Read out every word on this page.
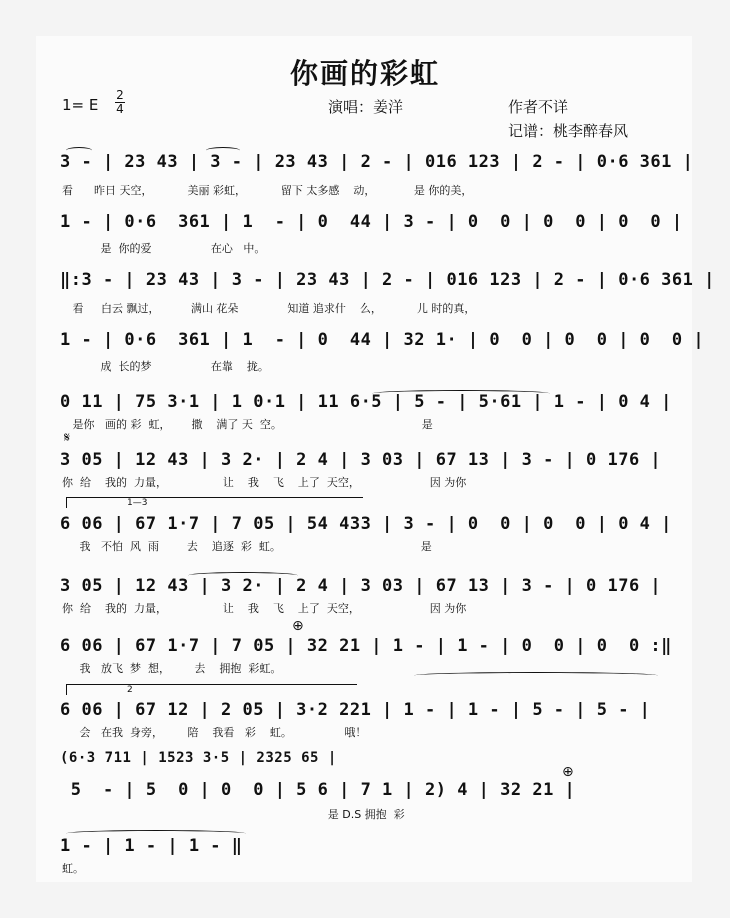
你画的彩虹
1= E
2
4	演唱：姜洋	作者不详
记谱：桃李醉春风
3 - | 23 43 | 3 - | 23 43 | 2 - | 016 123 | 2 - | 0·6 361 |
看      昨日 天空，          美丽 彩虹，          留下 太多感    动，           是 你的美，
1 - | 0·6  361 | 1  - | 0  44 | 3 - | 0  0 | 0  0 | 0  0 |
是  你的爱                 在心   中。
‖:3 - | 23 43 | 3 - | 23 43 | 2 - | 016 123 | 2 - | 0·6 361 |
看     白云 飘过，         满山 花朵              知道 追求什    么，          儿 时的真，
1 - | 0·6  361 | 1  - | 0  44 | 32 1· | 0  0 | 0  0 | 0  0 |
成  长的梦                 在靠    拢。
0 11 | 75 3·1 | 1 0·1 | 11 6·5 | 5 - | 5·61 | 1 - | 0 4 |
是你   画的 彩  虹，      撒    满了 天  空。                                        是
𝄋
3 05 | 12 43 | 3 2· | 2 4 | 3 03 | 67 13 | 3 - | 0 176 |
你  给    我的  力量，                让    我    飞    上了  天空，                    因 为你
1—3
6 06 | 67 1·7 | 7 05 | 54 433 | 3 - | 0  0 | 0  0 | 0 4 |
我   不怕  风  雨        去    追逐  彩  虹。                                        是
3 05 | 12 43 | 3 2· | 2 4 | 3 03 | 67 13 | 3 - | 0 176 |
你  给    我的  力量，                让    我    飞    上了  天空，                    因 为你
⊕
6 06 | 67 1·7 | 7 05 | 32 21 | 1 - | 1 - | 0  0 | 0  0 :‖
我   放飞  梦  想，       去    拥抱  彩虹。
2
6 06 | 67 12 | 2 05 | 3·2 221 | 1 - | 1 - | 5 - | 5 - |
会   在我  身旁，       陪    我看   彩    虹。               哦！
(6·3 711 | 1523 3·5 | 2325 65 |
5  - | 5  0 | 0  0 | 5 6 | 7 1 | 2) 4 | 32 21 |
⊕
是 D.S 拥抱  彩
1 - | 1 - | 1 - ‖
虹。
